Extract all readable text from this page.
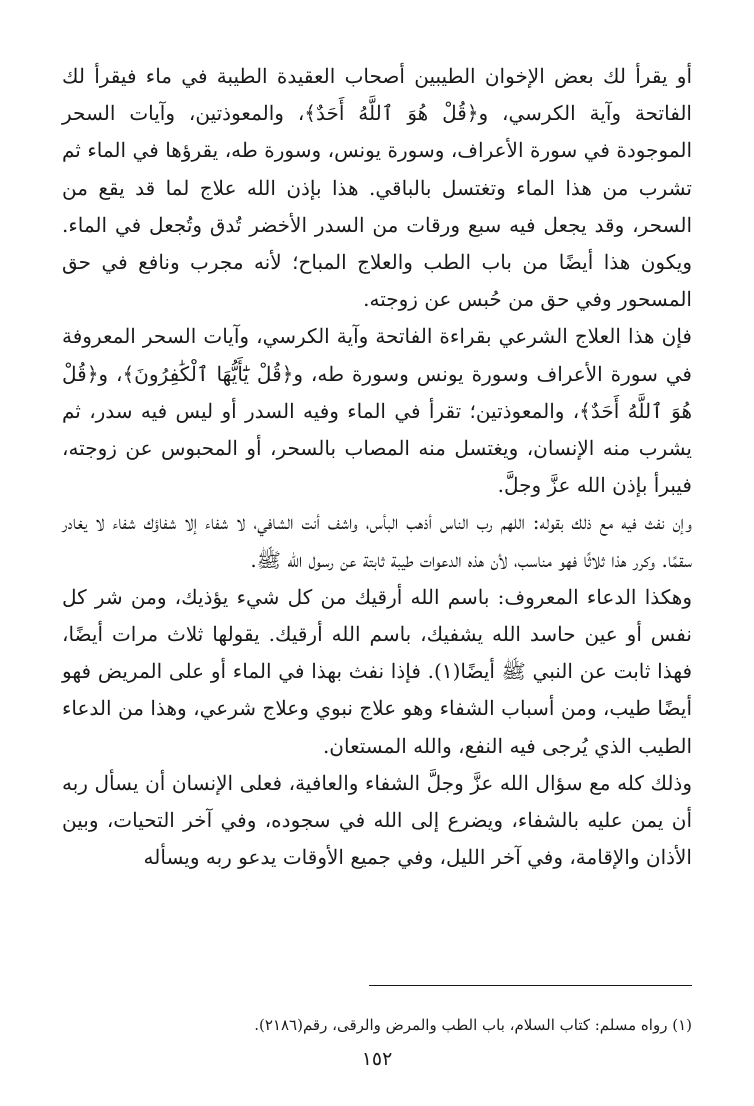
أو يقرأ لك بعض الإخوان الطيبين أصحاب العقيدة الطيبة في ماء فيقرأ لك الفاتحة وآية الكرسي، و﴿قُلْ هُوَ ٱللَّهُ أَحَدٌ﴾، والمعوذتين، وآيات السحر الموجودة في سورة الأعراف، وسورة يونس، وسورة طه، يقرؤها في الماء ثم تشرب من هذا الماء وتغتسل بالباقي. هذا بإذن الله علاج لما قد يقع من السحر، وقد يجعل فيه سبع ورقات من السدر الأخضر تُدق وتُجعل في الماء. ويكون هذا أيضًا من باب الطب والعلاج المباح؛ لأنه مجرب ونافع في حق المسحور وفي حق من حُبس عن زوجته.

فإن هذا العلاج الشرعي بقراءة الفاتحة وآية الكرسي، وآيات السحر المعروفة في سورة الأعراف وسورة يونس وسورة طه، و﴿قُلْ يَٰٓأَيُّهَا ٱلْكَٰفِرُونَ﴾، و﴿قُلْ هُوَ ٱللَّهُ أَحَدٌ﴾، والمعوذتين؛ تقرأ في الماء وفيه السدر أو ليس فيه سدر، ثم يشرب منه الإنسان، ويغتسل منه المصاب بالسحر، أو المحبوس عن زوجته، فيبرأ بإذن الله عزَّ وجلَّ.

وإن نفث فيه مع ذلك بقوله: اللهم رب الناس أذهب البأس، واشف أنت الشافي، لا شفاء إلا شفاؤك شفاء لا يغادر سقمًا. وكرر هذا ثلاثًا فهو مناسب، لأن هذه الدعوات طيبة ثابتة عن رسول الله ﷺ.

وهكذا الدعاء المعروف: باسم الله أرقيك من كل شيء يؤذيك، ومن شر كل نفس أو عين حاسد الله يشفيك، باسم الله أرقيك. يقولها ثلاث مرات أيضًا، فهذا ثابت عن النبي ﷺ أيضًا(١). فإذا نفث بهذا في الماء أو على المريض فهو أيضًا طيب، ومن أسباب الشفاء وهو علاج نبوي وعلاج شرعي، وهذا من الدعاء الطيب الذي يُرجى فيه النفع، والله المستعان.

وذلك كله مع سؤال الله عزَّ وجلَّ الشفاء والعافية، فعلى الإنسان أن يسأل ربه أن يمن عليه بالشفاء، ويضرع إلى الله في سجوده، وفي آخر التحيات، وبين الأذان والإقامة، وفي آخر الليل، وفي جميع الأوقات يدعو ربه ويسأله

(١) رواه مسلم: كتاب السلام، باب الطب والمرض والرقى، رقم(٢١٨٦).
١٥٢
